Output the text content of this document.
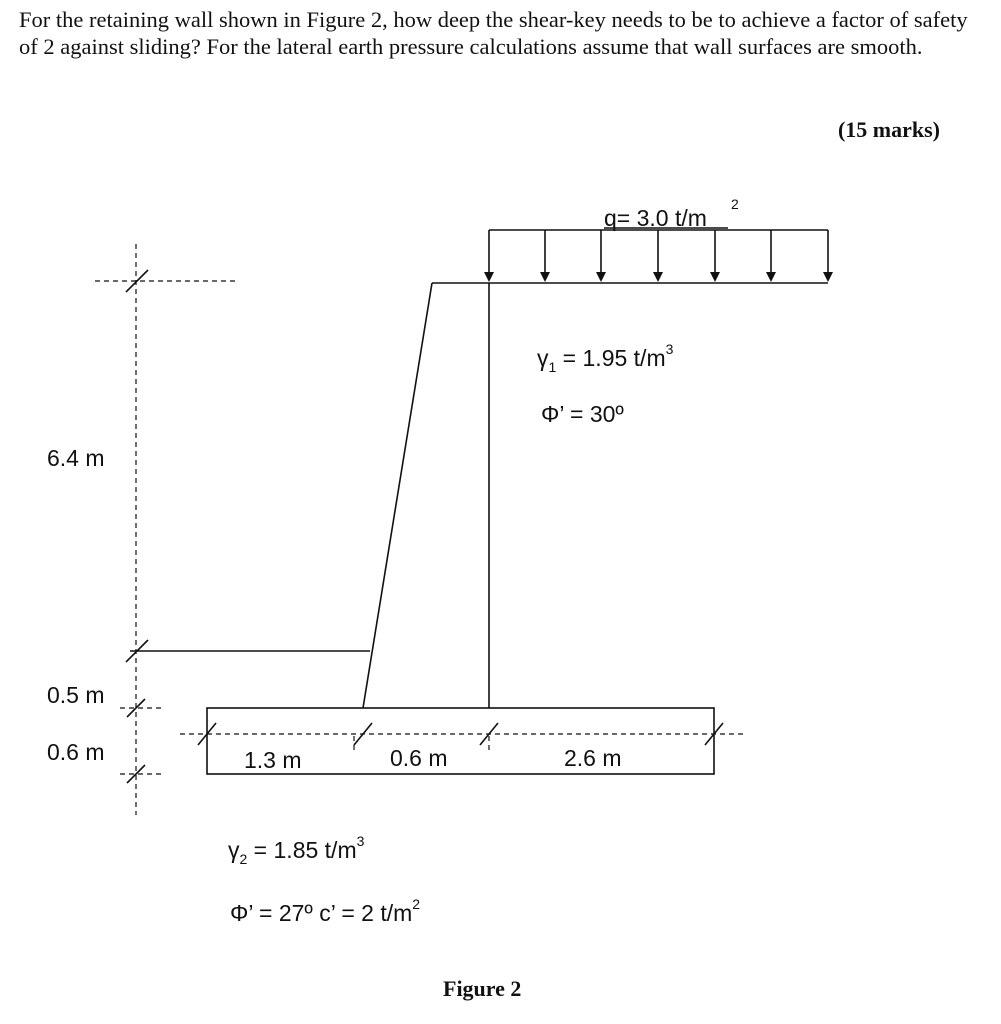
For the retaining wall shown in Figure 2, how deep the shear-key needs to be to achieve a factor of safety of 2 against sliding? For the lateral earth pressure calculations assume that wall surfaces are smooth.

(15 marks)

q= 3.0 t/m
2
6.4 m
0.5 m
0.6 m	1.3 m	0.6 m	2.6 m
$\gamma_1 = 1.95$ $t/m^3$
Φ’ = 30º
$\gamma_2 = 1.85$ $t/m^3$
Φ’ = 27º c’ = 2 $t/m^2$
Figure 2
